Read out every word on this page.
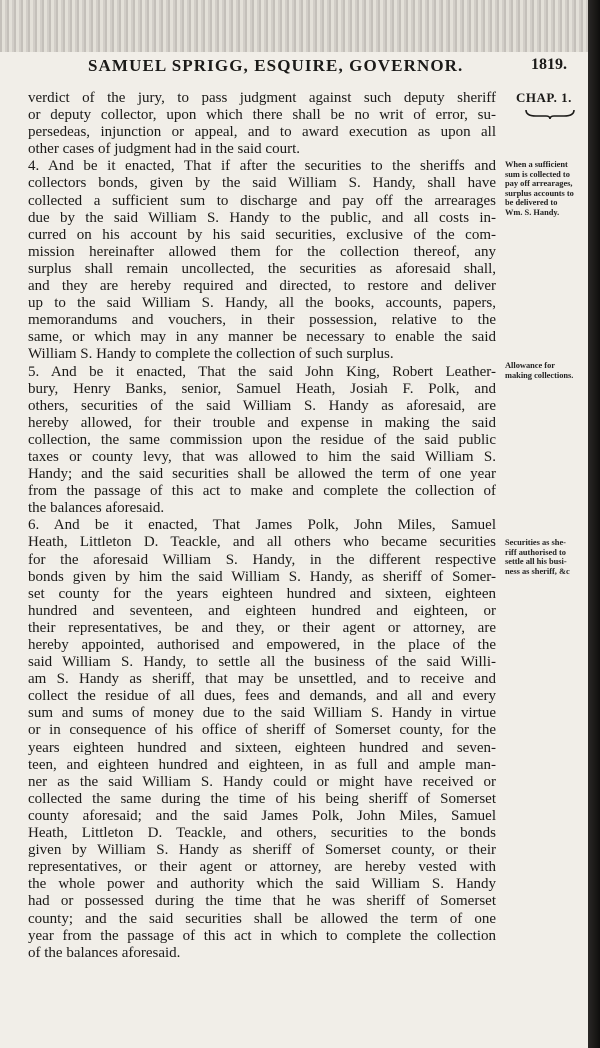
SAMUEL SPRIGG, ESQUIRE, GOVERNOR.	1819.
CHAP. 1.
verdict of the jury, to pass judgment against such deputy sheriff
or deputy collector, upon which there shall be no writ of error, su-
persedeas, injunction or appeal, and to award execution as upon all
other cases of judgment had in the said court.
4. And be it enacted, That if after the securities to the sheriffs and
collectors bonds, given by the said William S. Handy, shall have
collected a sufficient sum to discharge and pay off the arrearages
due by the said William S. Handy to the public, and all costs in-
curred on his account by his said securities, exclusive of the com-
mission hereinafter allowed them for the collection thereof, any
surplus shall remain uncollected, the securities as aforesaid shall,
and they are hereby required and directed, to restore and deliver
up to the said William S. Handy, all the books, accounts, papers,
memorandums and vouchers, in their possession, relative to the
same, or which may in any manner be necessary to enable the said
William S. Handy to complete the collection of such surplus.
5. And be it enacted, That the said John King, Robert Leather-
bury, Henry Banks, senior, Samuel Heath, Josiah F. Polk, and
others, securities of the said William S. Handy as aforesaid, are
hereby allowed, for their trouble and expense in making the said
collection, the same commission upon the residue of the said public
taxes or county levy, that was allowed to him the said William S.
Handy; and the said securities shall be allowed the term of one year
from the passage of this act to make and complete the collection of
the balances aforesaid.
6. And be it enacted, That James Polk, John Miles, Samuel
Heath, Littleton D. Teackle, and all others who became securities
for the aforesaid William S. Handy, in the different respective
bonds given by him the said William S. Handy, as sheriff of Somer-
set county for the years eighteen hundred and sixteen, eighteen
hundred and seventeen, and eighteen hundred and eighteen, or
their representatives, be and they, or their agent or attorney, are
hereby appointed, authorised and empowered, in the place of the
said William S. Handy, to settle all the business of the said Willi-
am S. Handy as sheriff, that may be unsettled, and to receive and
collect the residue of all dues, fees and demands, and all and every
sum and sums of money due to the said William S. Handy in virtue
or in consequence of his office of sheriff of Somerset county, for the
years eighteen hundred and sixteen, eighteen hundred and seven-
teen, and eighteen hundred and eighteen, in as full and ample man-
ner as the said William S. Handy could or might have received or
collected the same during the time of his being sheriff of Somerset
county aforesaid; and the said James Polk, John Miles, Samuel
Heath, Littleton D. Teackle, and others, securities to the bonds
given by William S. Handy as sheriff of Somerset county, or their
representatives, or their agent or attorney, are hereby vested with
the whole power and authority which the said William S. Handy
had or possessed during the time that he was sheriff of Somerset
county; and the said securities shall be allowed the term of one
year from the passage of this act in which to complete the collection
of the balances aforesaid.
When a sufficient
sum is collected to
pay off arrearages,
surplus accounts to
be delivered to
Wm. S. Handy.
Allowance for
making collections.
Securities as she-
riff authorised to
settle all his busi-
ness as sheriff, &c
